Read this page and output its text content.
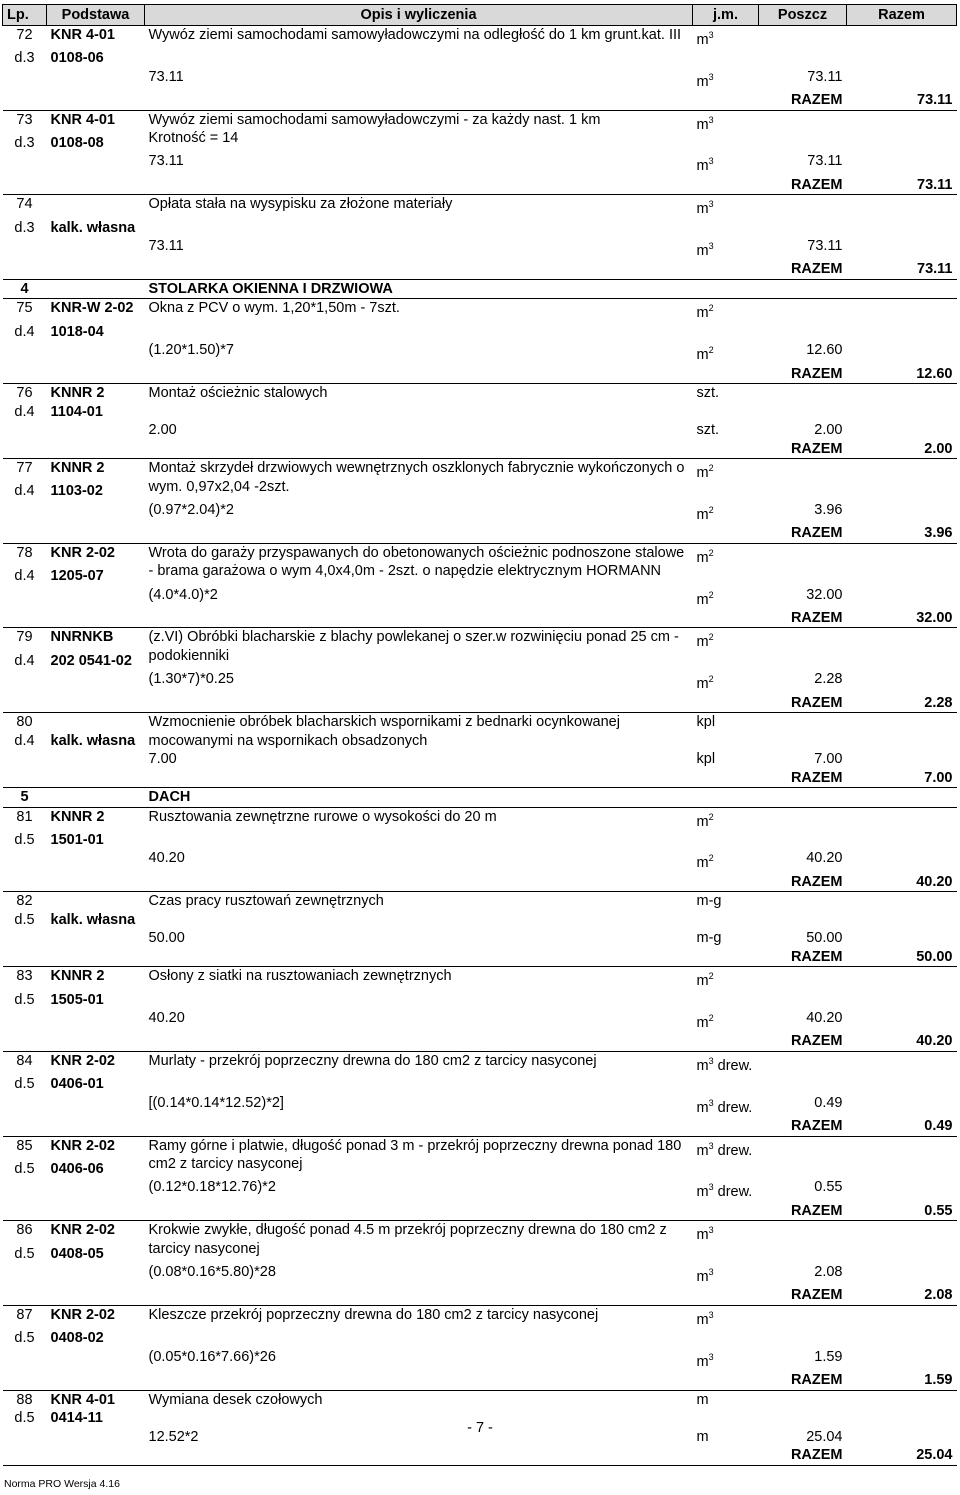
Lp.	Podstawa	Opis i wyliczenia	j.m.	Poszcz	Razem
72	KNR 4-01	Wywóz ziemi samochodami samowyładowczymi na odległość do 1 km grunt.kat. III	$m^3$		
d.3	0108-06				
		73.11	$m^3$	73.11	
				RAZEM	73.11
73	KNR 4-01	Wywóz ziemi samochodami samowyładowczymi - za każdy nast. 1 km
Krotność = 14	$m^3$		
d.3	0108-08				
		73.11	$m^3$	73.11	
				RAZEM	73.11
74		Opłata stała na wysypisku za złożone materiały	$m^3$		
d.3	kalk. własna				
		73.11	$m^3$	73.11	
				RAZEM	73.11
4		STOLARKA OKIENNA I DRZWIOWA			
75	KNR-W 2-02	Okna z PCV o wym. 1,20*1,50m - 7szt.	$m^2$		
d.4	1018-04				
		(1.20*1.50)*7	$m^2$	12.60	
				RAZEM	12.60
76	KNNR 2	Montaż ościeżnic stalowych	szt.		
d.4	1104-01				
		2.00	szt.	2.00	
				RAZEM	2.00
77	KNNR 2	Montaż skrzydeł drzwiowych wewnętrznych oszklonych fabrycznie wykończonych o wym. 0,97x2,04 -2szt.	$m^2$		
d.4	1103-02				
		(0.97*2.04)*2	$m^2$	3.96	
				RAZEM	3.96
78	KNR 2-02	Wrota do garaży przyspawanych do obetonowanych ościeżnic podnoszone stalowe - brama garażowa o wym 4,0x4,0m - 2szt. o napędzie elektrycznym HORMANN	$m^2$		
d.4	1205-07				
		(4.0*4.0)*2	$m^2$	32.00	
				RAZEM	32.00
79	NNRNKB	(z.VI) Obróbki blacharskie z blachy powlekanej o szer.w rozwinięciu ponad 25 cm - podokienniki	$m^2$		
d.4	202 0541-02				
		(1.30*7)*0.25	$m^2$	2.28	
				RAZEM	2.28
80		Wzmocnienie obróbek blacharskich wspornikami z bednarki ocynkowanej mocowanymi na wspornikach obsadzonych	kpl		
d.4	kalk. własna				
		7.00	kpl	7.00	
				RAZEM	7.00
5		DACH			
81	KNNR 2	Rusztowania zewnętrzne rurowe o wysokości do 20 m	$m^2$		
d.5	1501-01				
		40.20	$m^2$	40.20	
				RAZEM	40.20
82		Czas pracy rusztowań zewnętrznych	m-g		
d.5	kalk. własna				
		50.00	m-g	50.00	
				RAZEM	50.00
83	KNNR 2	Osłony z siatki na rusztowaniach zewnętrznych	$m^2$		
d.5	1505-01				
		40.20	$m^2$	40.20	
				RAZEM	40.20
84	KNR 2-02	Murlaty - przekrój poprzeczny drewna do 180 cm2 z tarcicy nasyconej	$m^3$ drew.		
d.5	0406-01				
		[(0.14*0.14*12.52)*2]	$m^3$ drew.	0.49	
				RAZEM	0.49
85	KNR 2-02	Ramy górne i platwie, długość ponad 3 m - przekrój poprzeczny drewna ponad 180 cm2 z tarcicy nasyconej	$m^3$ drew.		
d.5	0406-06				
		(0.12*0.18*12.76)*2	$m^3$ drew.	0.55	
				RAZEM	0.55
86	KNR 2-02	Krokwie zwykłe, długość ponad 4.5 m przekrój poprzeczny drewna do 180 cm2 z tarcicy nasyconej	$m^3$		
d.5	0408-05				
		(0.08*0.16*5.80)*28	$m^3$	2.08	
				RAZEM	2.08
87	KNR 2-02	Kleszcze przekrój poprzeczny drewna do 180 cm2 z tarcicy nasyconej	$m^3$		
d.5	0408-02				
		(0.05*0.16*7.66)*26	$m^3$	1.59	
				RAZEM	1.59
88	KNR 4-01	Wymiana desek czołowych	m		
d.5	0414-11				
		12.52*2	m	25.04	
				RAZEM	25.04
- 7 -
Norma PRO Wersja 4.16
